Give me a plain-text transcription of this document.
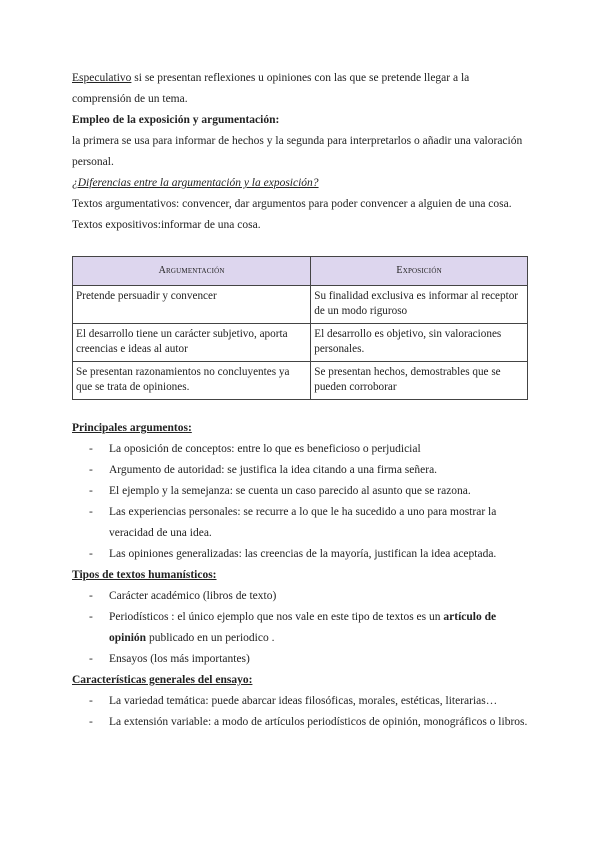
Especulativo si se presentan reflexiones u opiniones con las que se pretende llegar a la comprensión de un tema.

Empleo de la exposición y argumentación:

la primera se usa para informar de hechos y la segunda para interpretarlos o añadir una valoración personal.

¿Diferencias entre la argumentación y la exposición?

Textos argumentativos: convencer, dar argumentos para poder convencer a alguien de una cosa.

Textos expositivos:informar de una cosa.

Argumentación	Exposición
Pretende persuadir y convencer	Su finalidad exclusiva es informar al receptor de un modo riguroso
El desarrollo tiene un carácter subjetivo, aporta creencias e ideas al autor	El desarrollo es objetivo, sin valoraciones personales.
Se presentan razonamientos no concluyentes ya que se trata de opiniones.	Se presentan hechos, demostrables que se pueden corroborar

Principales argumentos:

- La oposición de conceptos: entre lo que es beneficioso o perjudicial
- Argumento de autoridad: se justifica la idea citando a una firma señera.
- El ejemplo y la semejanza: se cuenta un caso parecido al asunto que se razona.
- Las experiencias personales: se recurre a lo que le ha sucedido a uno para mostrar la veracidad de una idea.
- Las opiniones generalizadas: las creencias de la mayoría, justifican la idea aceptada.

Tipos de textos humanísticos:

- Carácter académico (libros de texto)
- Periodísticos : el único ejemplo que nos vale en este tipo de textos es un artículo de opinión publicado en un periodico .
- Ensayos (los más importantes)

Características generales del ensayo:

- La variedad temática: puede abarcar ideas filosóficas, morales, estéticas, literarias…
- La extensión variable: a modo de artículos periodísticos de opinión, monográficos o libros.
